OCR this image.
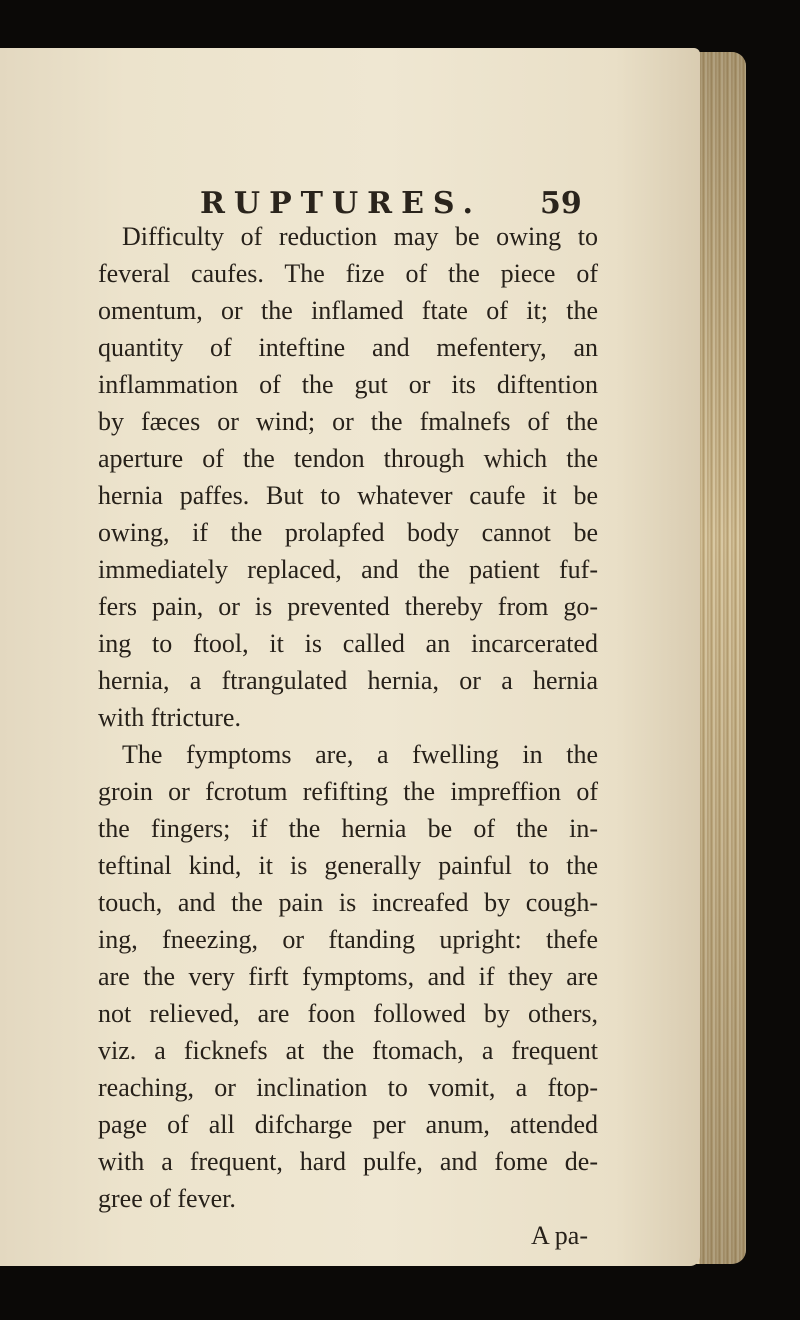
RUPTURES. 59
Difficulty of reduction may be owing to
feveral caufes. The fize of the piece of
omentum, or the inflamed ftate of it; the
quantity of inteftine and mefentery, an
inflammation of the gut or its diftention
by fæces or wind; or the fmalnefs of the
aperture of the tendon through which the
hernia paffes. But to whatever caufe it be
owing, if the prolapfed body cannot be
immediately replaced, and the patient fuf-
fers pain, or is prevented thereby from go-
ing to ftool, it is called an incarcerated
hernia, a ftrangulated hernia, or a hernia
with ftricture.
The fymptoms are, a fwelling in the
groin or fcrotum refifting the impreffion of
the fingers; if the hernia be of the in-
teftinal kind, it is generally painful to the
touch, and the pain is increafed by cough-
ing, fneezing, or ftanding upright: thefe
are the very firft fymptoms, and if they are
not relieved, are foon followed by others,
viz. a ficknefs at the ftomach, a frequent
reaching, or inclination to vomit, a ftop-
page of all difcharge per anum, attended
with a frequent, hard pulfe, and fome de-
gree of fever.
A pa-
